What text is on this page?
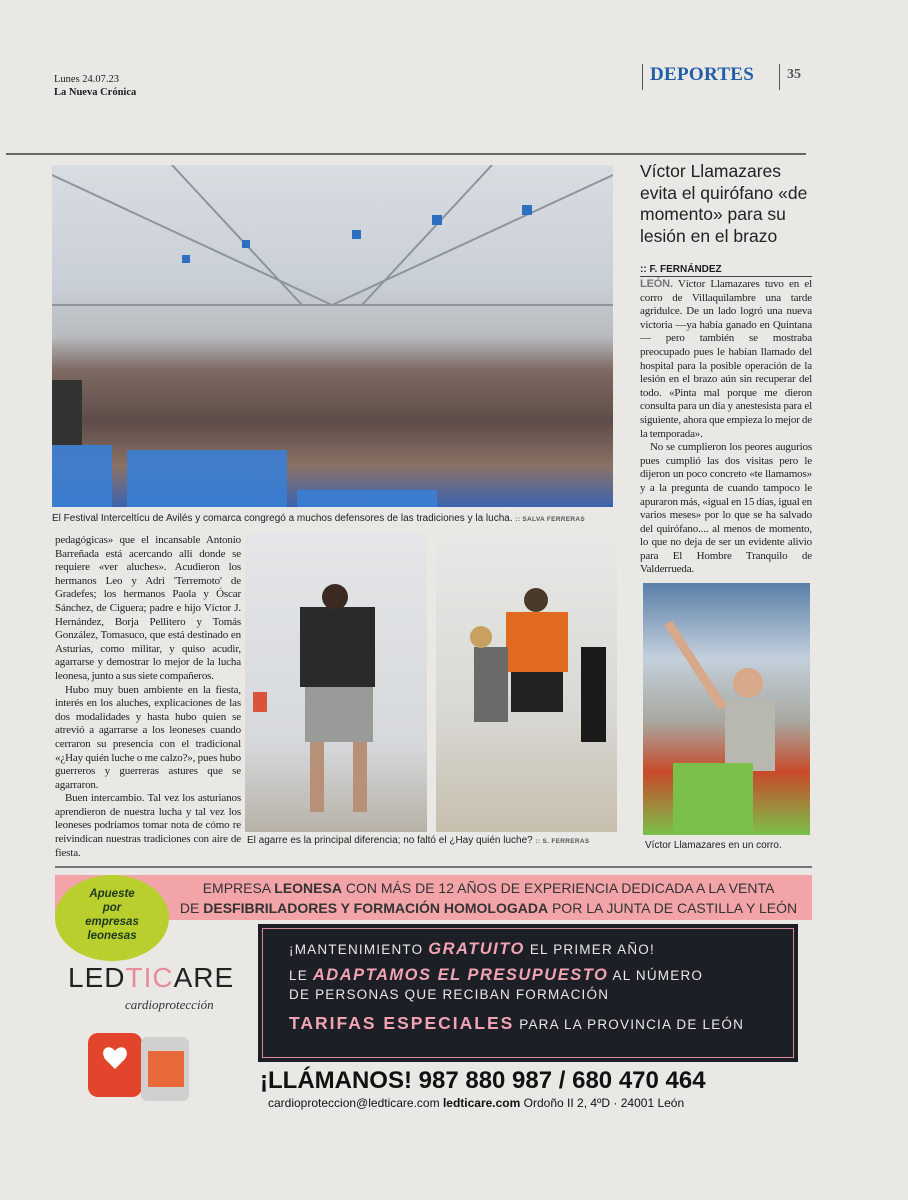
Lunes 24.07.23
La Nueva Crónica
DEPORTES	35
El Festival Interceltícu de Avilés y comarca congregó a muchos defensores de las tradiciones y la lucha. :: SALVA FERRERAS
Víctor Llamazares evita el quirófano «de momento» para su lesión en el brazo
:: F. FERNÁNDEZ

LEÓN. Víctor Llamazares tuvo en el corro de Villaquilambre una tarde agridulce. De un lado logró una nueva victoria —ya había ganado en Quintana— pero también se mostraba preocupado pues le habían llamado del hospital para la posible operación de la lesión en el brazo aún sin recuperar del todo. «Pinta mal porque me dieron consulta para un día y anestesista para el siguiente, ahora que empieza lo mejor de la temporada».

No se cumplieron los peores augurios pues cumplió las dos visitas pero le dijeron un poco concreto «te llamamos» y a la pregunta de cuando tampoco le apuraron más, «igual en 15 días, igual en varios meses» por lo que se ha salvado del quirófano.... al menos de momento, lo que no deja de ser un evidente alivio para El Hombre Tranquilo de Valderrueda.

Víctor Llamazares en un corro.

pedagógicas» que el incansable Antonio Barreñada está acercando allí donde se requiere «ver aluches». Acudieron los hermanos Leo y Adri 'Terremoto' de Gradefes; los hermanos Paola y Óscar Sánchez, de Ciguera; padre e hijo Víctor J. Hernández, Borja Pellitero y Tomás González, Tomasuco, que está destinado en Asturias, como militar, y quiso acudir, agarrarse y demostrar lo mejor de la lucha leonesa, junto a sus siete compañeros.

Hubo muy buen ambiente en la fiesta, interés en los aluches, explicaciones de las dos modalidades y hasta hubo quien se atrevió a agarrarse a los leoneses cuando cerraron su presencia con el tradicional «¿Hay quién luche o me calzo?», pues hubo guerreros y guerreras astures que se agarraron.

Buen intercambio. Tal vez los asturianos aprendieron de nuestra lucha y tal vez los leoneses podríamos tomar nota de cómo re reivindican nuestras tradiciones con aire de fiesta.

El agarre es la principal diferencia; no faltó el ¿Hay quién luche? :: S. FERRERAS
EMPRESA LEONESA CON MÁS DE 12 AÑOS DE EXPERIENCIA DEDICADA A LA VENTA
DE DESFIBRILADORES Y FORMACIÓN HOMOLOGADA POR LA JUNTA DE CASTILLA Y LEÓN
Apueste
por
empresas
leonesas
LEDTICARE
cardioprotección
¡MANTENIMIENTO GRATUITO EL PRIMER AÑO!
LE ADAPTAMOS EL PRESUPUESTO AL NÚMERO
DE PERSONAS QUE RECIBAN FORMACIÓN
TARIFAS ESPECIALES PARA LA PROVINCIA DE LEÓN
¡LLÁMANOS! 987 880 987 / 680 470 464
cardioproteccion@ledticare.com ledticare.com Ordoño II 2, 4ºD · 24001 León
